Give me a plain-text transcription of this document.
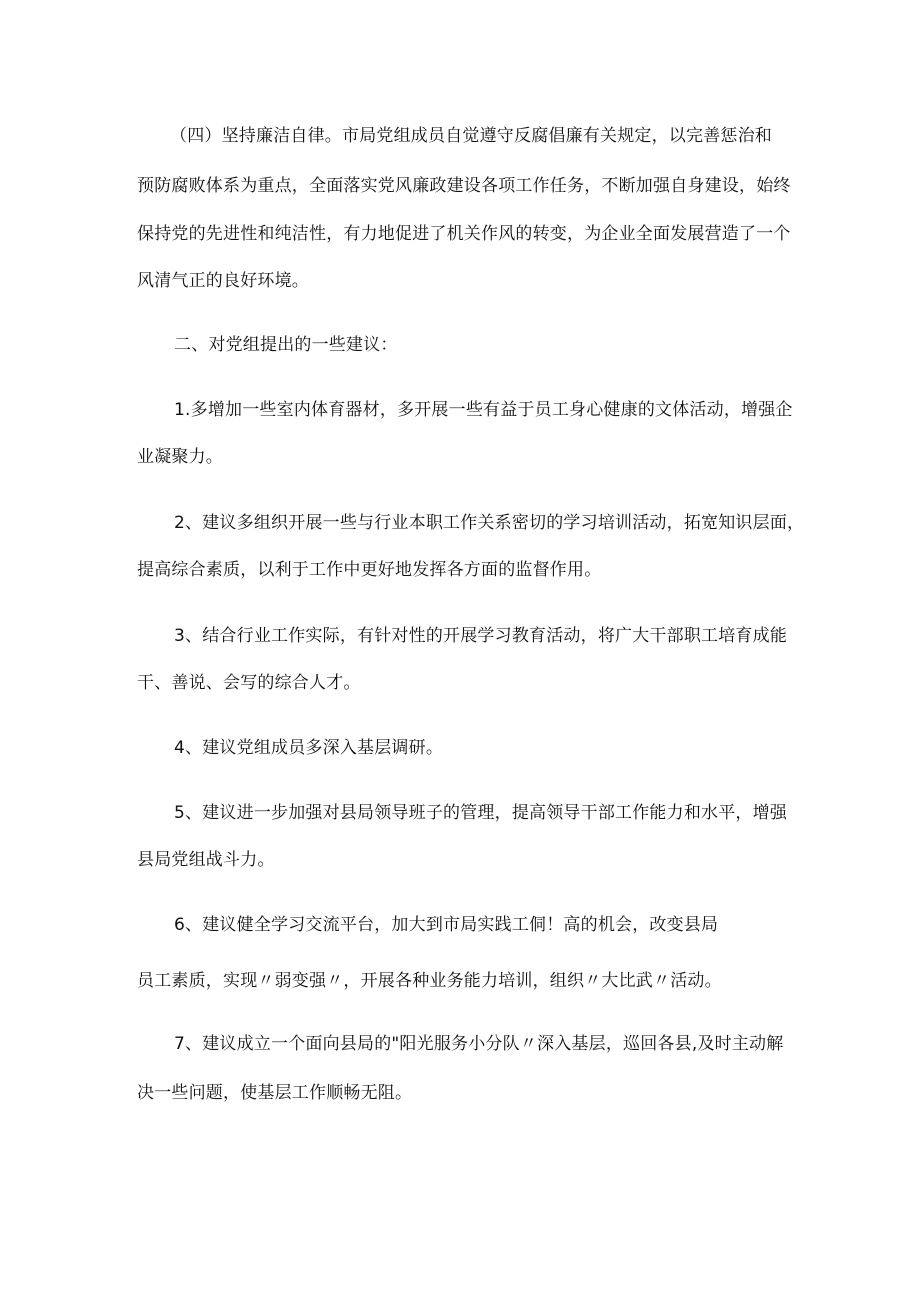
（四）坚持廉洁自律。市局党组成员自觉遵守反腐倡廉有关规定，以完善惩治和
预防腐败体系为重点，全面落实党风廉政建设各项工作任务，不断加强自身建设，始终
保持党的先进性和纯洁性，有力地促进了机关作风的转变，为企业全面发展营造了一个
风清气正的良好环境。
二、对党组提出的一些建议：
1.多增加一些室内体育器材，多开展一些有益于员工身心健康的文体活动，增强企
业凝聚力。
2、建议多组织开展一些与行业本职工作关系密切的学习培训活动，拓宽知识层面，
提高综合素质，以利于工作中更好地发挥各方面的监督作用。
3、结合行业工作实际，有针对性的开展学习教育活动，将广大干部职工培育成能
干、善说、会写的综合人才。
4、建议党组成员多深入基层调研。
5、建议进一步加强对县局领导班子的管理，提高领导干部工作能力和水平，增强
县局党组战斗力。
6、建议健全学习交流平台，加大到市局实践工侗！高的机会，改变县局
员工素质，实现〃弱变强〃，开展各种业务能力培训，组织〃大比武〃活动。
7、建议成立一个面向县局的"阳光服务小分队〃深入基层，巡回各县,及时主动解
决一些问题，使基层工作顺畅无阻。
